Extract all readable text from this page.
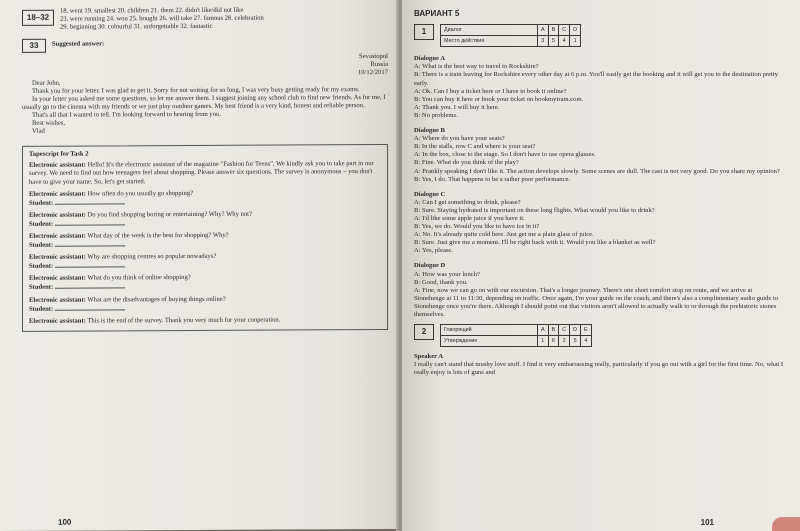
18–32
18. went 19. smallest 20. children 21. them 22. didn't like/did not like
23. were running 24. won 25. bought 26. will take 27. famous 28. celebration
29. beginning 30. colourful 31. unforgettable 32. fantastic
33	Suggested answer:
Sevastopol
Russia
10/12/2017
Dear John,
Thank you for your letter. I was glad to get it. Sorry for not writing for so long, I was very busy getting ready for my exams.
In your letter you asked me some questions, so let me answer them. I suggest joining any school club to find new friends. As for me, I usually go to the cinema with my friends or we just play outdoor games. My best friend is a very kind, honest and reliable person.
That's all that I wanted to tell. I'm looking forward to hearing from you.
Best wishes,
Vlad
Tapescript for Task 2
Electronic assistant: Hello! It's the electronic assistant of the magazine "Fashion for Teens". We kindly ask you to take part in our survey. We need to find out how teenagers feel about shopping. Please answer six questions. The survey is anonymous – you don't have to give your name. So, let's get started.
Electronic assistant: How often do you usually go shopping?
Student:
Electronic assistant: Do you find shopping boring or entertaining? Why? Why not?
Student:
Electronic assistant: What day of the week is the best for shopping? Why?
Student:
Electronic assistant: Why are shopping centres so popular nowadays?
Student:
Electronic assistant: What do you think of online shopping?
Student:
Electronic assistant: What are the disadvantages of buying things online?
Student:
Electronic assistant: This is the end of the survey. Thank you very much for your cooperation.
100
ВАРИАНТ 5
1	Диалог	A	B	C	D
Место действия	3	5	4	1
Dialogue A
A: What is the best way to travel to Rockshire?
B: There is a train leaving for Rockshire every other day at 6 p.m. You'll easily get the booking and it will get you to the destination pretty early.
A: Ok. Can I buy a ticket here or I have to book it online?
B: You can buy it here or book your ticket on bookmytrain.com.
A: Thank you. I will buy it here.
B: No problems.
Dialogue B
A: Where do you have your seats?
B: In the stalls, row C and where is your seat?
A: In the box, close to the stage. So I don't have to use opera glasses.
B: Fine. What do you think of the play?
A: Frankly speaking I don't like it. The action develops slowly. Some scenes are dull. The cast is not very good. Do you share my opinion?
B: Yes, I do. That happens to be a rather poor performance.
Dialogue C
A: Can I get something to drink, please?
B: Sure. Staying hydrated is important on these long flights. What would you like to drink?
A: I'd like some apple juice if you have it.
B: Yes, we do. Would you like to have ice in it?
A: No. It's already quite cold here. Just get me a plain glass of juice.
B: Sure. Just give me a moment. I'll be right back with it. Would you like a blanket as well?
A: Yes, please.
Dialogue D
A: How was your lunch?
B: Good, thank you.
A: Fine, now we can go on with our excursion. That's a longer journey. There's one short comfort stop on route, and we arrive at Stonehenge at 11 to 11:30, depending on traffic. Once again, I'm your guide on the coach, and there's also a complimentary audio guide to Stonehenge once you're there. Although I should point out that visitors aren't allowed to actually walk to or through the prehistoric stones themselves.
2	Говорящий	A	B	C	D	E
Утверждение	1	6	2	5	4
Speaker A
I really can't stand that mushy love stuff. I find it very embarrassing really, particularly if you go out with a girl for the first time. No, what I really enjoy is lots of guns and
101
